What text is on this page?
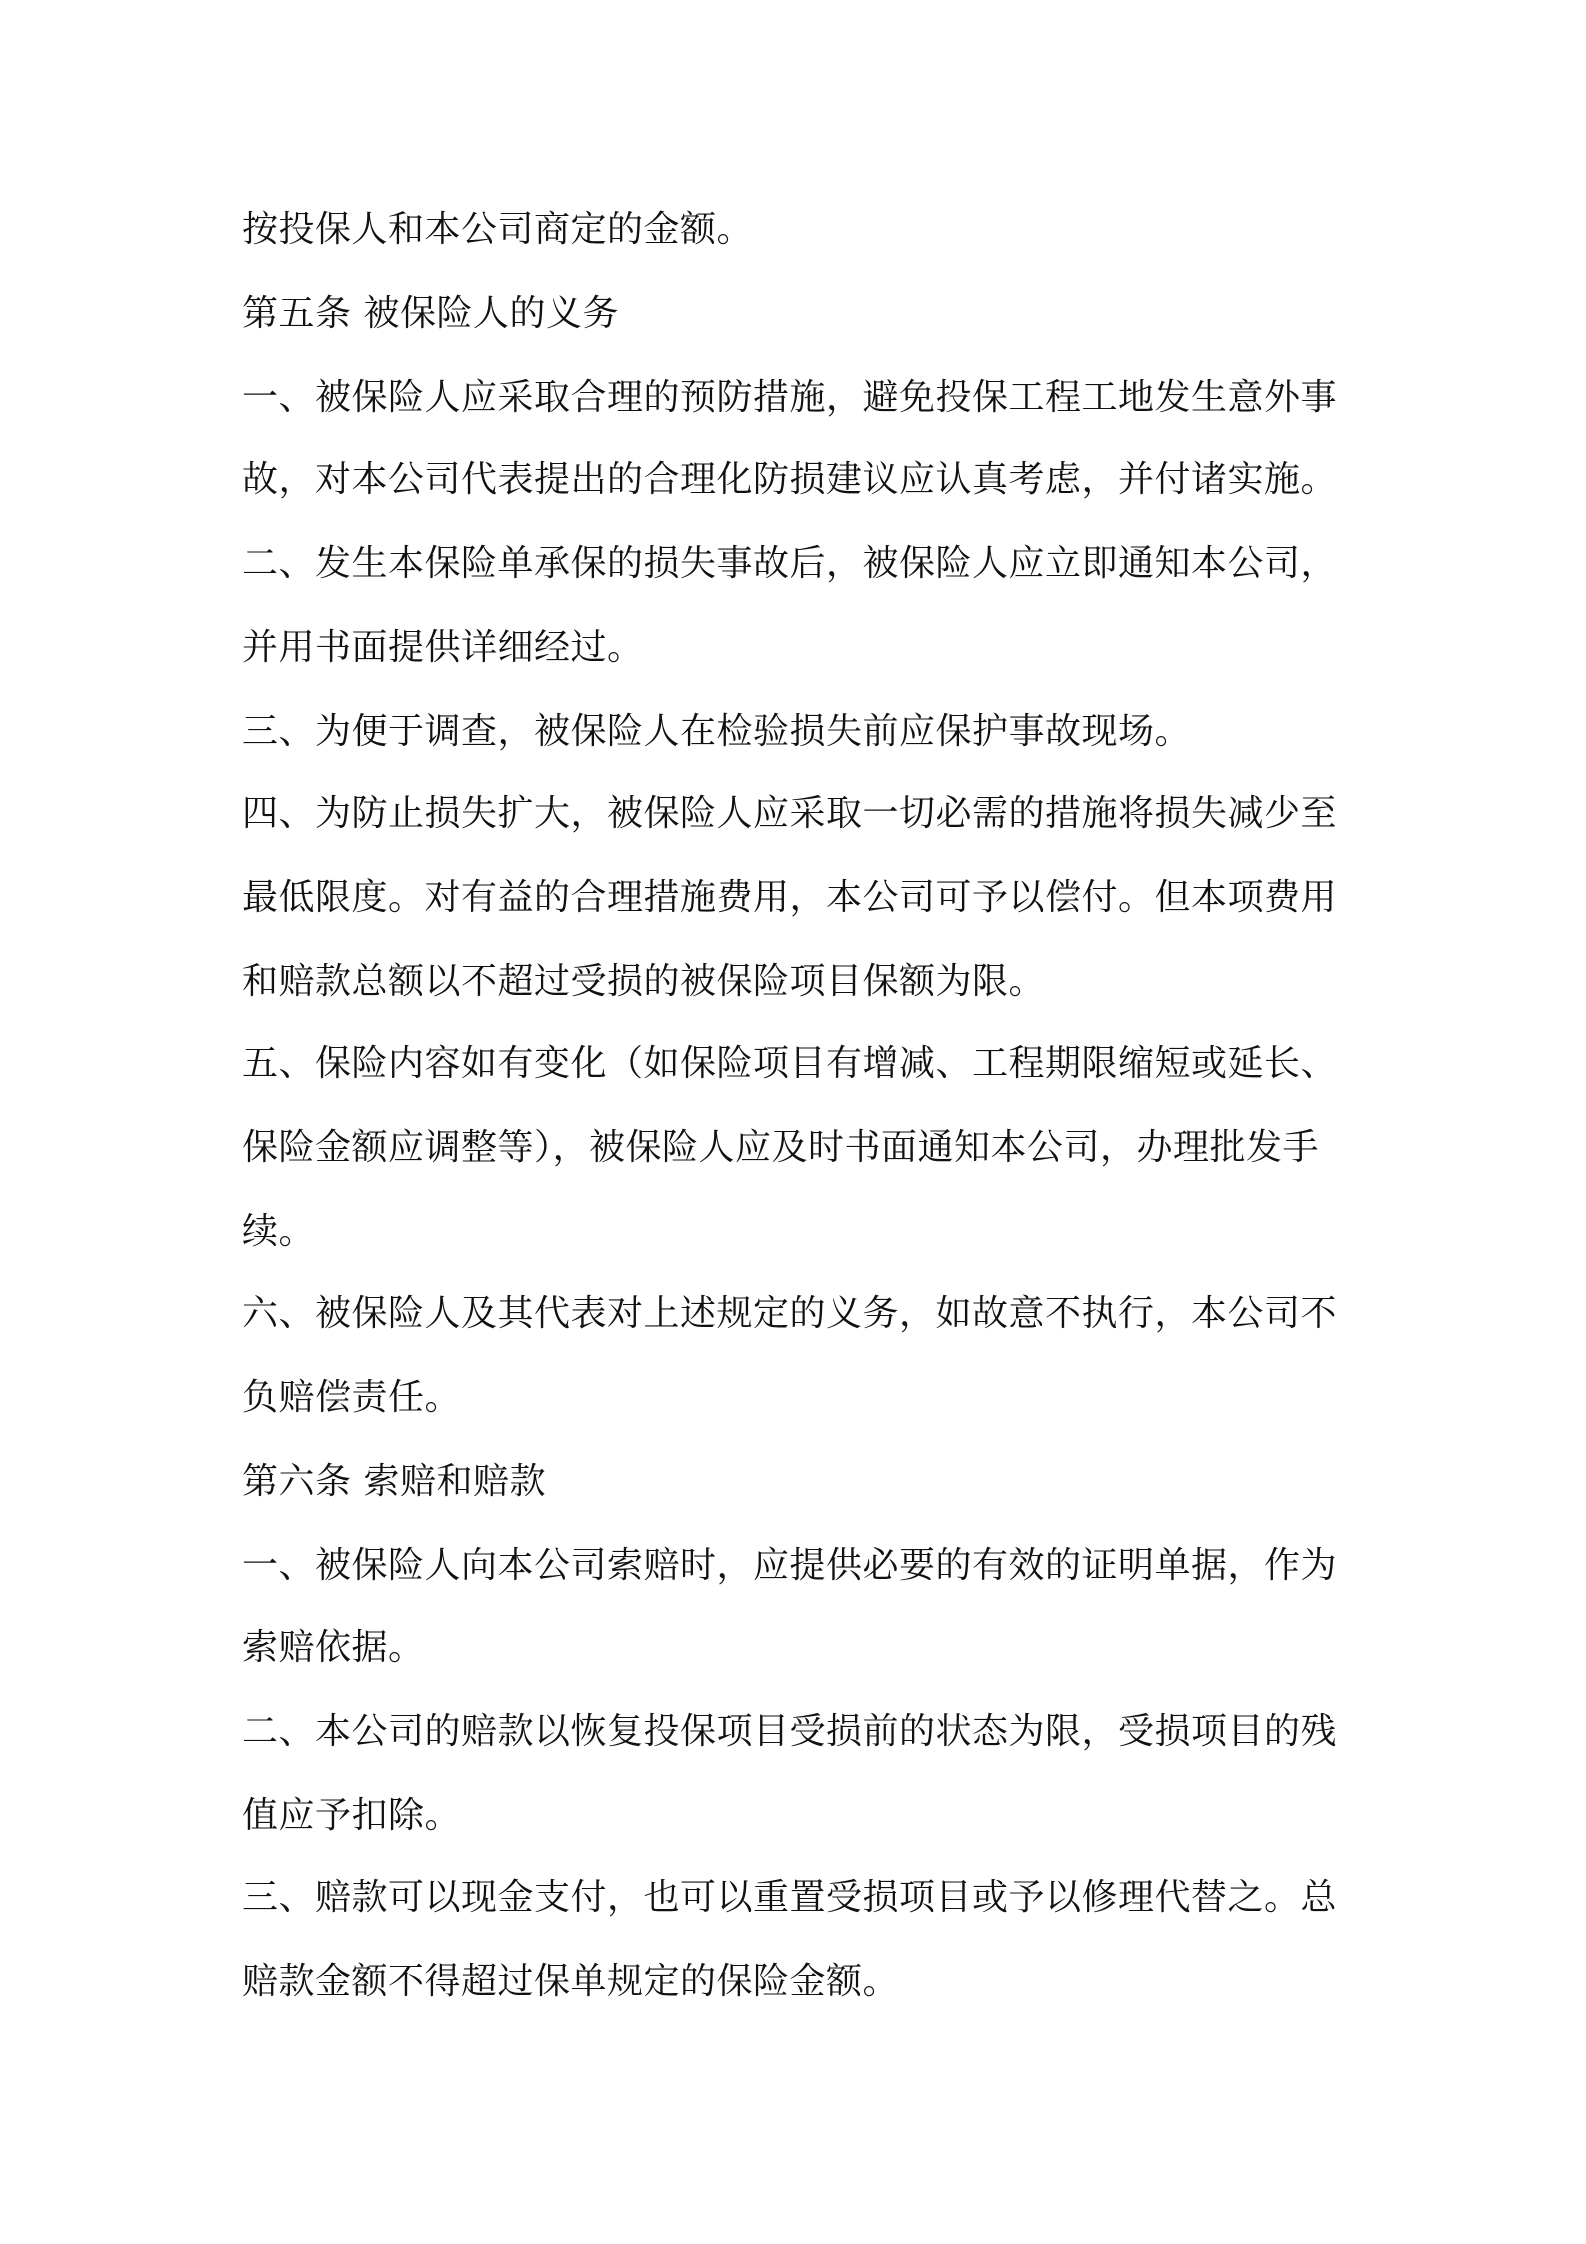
按投保人和本公司商定的金额。

第五条 被保险人的义务

一、被保险人应采取合理的预防措施，避免投保工程工地发生意外事

故，对本公司代表提出的合理化防损建议应认真考虑，并付诸实施。

二、发生本保险单承保的损失事故后，被保险人应立即通知本公司，

并用书面提供详细经过。

三、为便于调查，被保险人在检验损失前应保护事故现场。

四、为防止损失扩大，被保险人应采取一切必需的措施将损失减少至

最低限度。对有益的合理措施费用，本公司可予以偿付。但本项费用

和赔款总额以不超过受损的被保险项目保额为限。

五、保险内容如有变化（如保险项目有增减、工程期限缩短或延长、

保险金额应调整等），被保险人应及时书面通知本公司，办理批发手

续。

六、被保险人及其代表对上述规定的义务，如故意不执行，本公司不

负赔偿责任。

第六条 索赔和赔款

一、被保险人向本公司索赔时，应提供必要的有效的证明单据，作为

索赔依据。

二、本公司的赔款以恢复投保项目受损前的状态为限，受损项目的残

值应予扣除。

三、赔款可以现金支付，也可以重置受损项目或予以修理代替之。总

赔款金额不得超过保单规定的保险金额。
